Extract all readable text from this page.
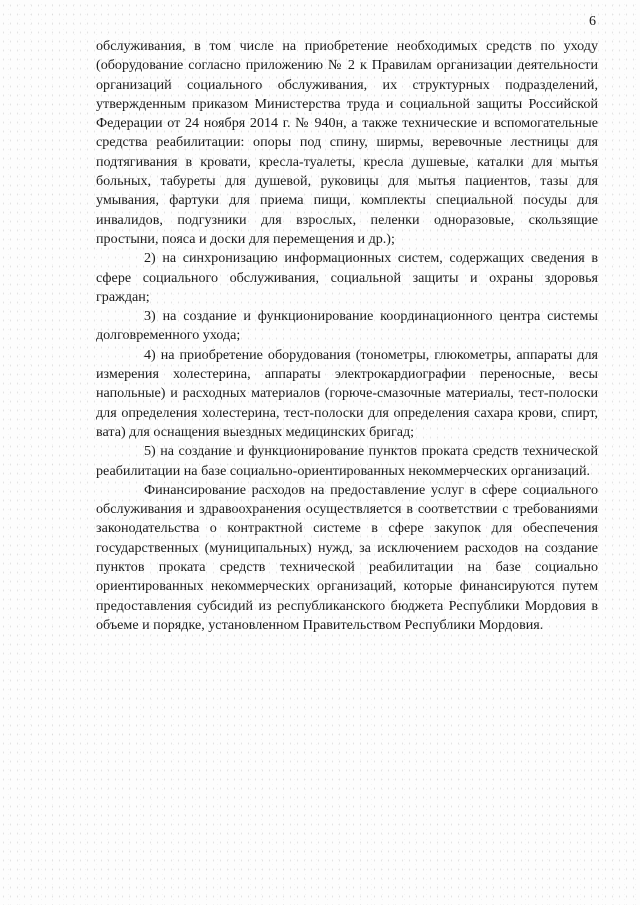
6

обслуживания, в том числе на приобретение необходимых средств по уходу (оборудование согласно приложению № 2 к Правилам организации деятельности организаций социального обслуживания, их структурных подразделений, утвержденным приказом Министерства труда и социальной защиты Российской Федерации от 24 ноября 2014 г. № 940н, а также технические и вспомогательные средства реабилитации: опоры под спину, ширмы, веревочные лестницы для подтягивания в кровати, кресла-туалеты, кресла душевые, каталки для мытья больных, табуреты для душевой, руковицы для мытья пациентов, тазы для умывания, фартуки для приема пищи, комплекты специальной посуды для инвалидов, подгузники для взрослых, пеленки одноразовые, скользящие простыни, пояса и доски для перемещения и др.);

2) на синхронизацию информационных систем, содержащих сведения в сфере социального обслуживания, социальной защиты и охраны здоровья граждан;

3) на создание и функционирование координационного центра системы долговременного ухода;

4) на приобретение оборудования (тонометры, глюкометры, аппараты для измерения холестерина, аппараты электрокардиографии переносные, весы напольные) и расходных материалов (горюче-смазочные материалы, тест-полоски для определения холестерина, тест-полоски для определения сахара крови, спирт, вата) для оснащения выездных медицинских бригад;

5) на создание и функционирование пунктов проката средств технической реабилитации на базе социально-ориентированных некоммерческих организаций.

Финансирование расходов на предоставление услуг в сфере социального обслуживания и здравоохранения осуществляется в соответствии с требованиями законодательства о контрактной системе в сфере закупок для обеспечения государственных (муниципальных) нужд, за исключением расходов на создание пунктов проката средств технической реабилитации на базе социально ориентированных некоммерческих организаций, которые финансируются путем предоставления субсидий из республиканского бюджета Республики Мордовия в объеме и порядке, установленном Правительством Республики Мордовия.
